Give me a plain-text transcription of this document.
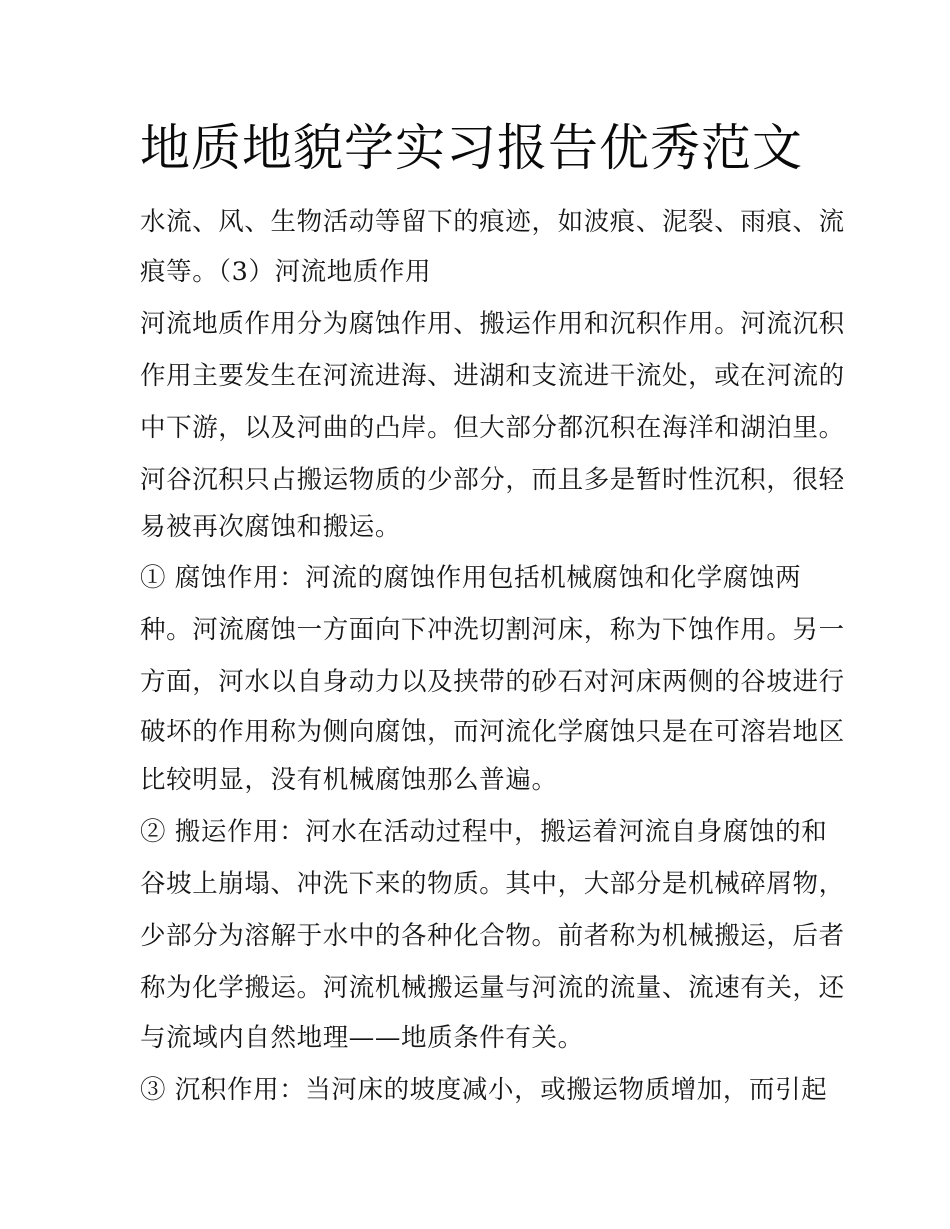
地质地貌学实习报告优秀范文
水流、风、生物活动等留下的痕迹，如波痕、泥裂、雨痕、流
痕等。（3）河流地质作用
河流地质作用分为腐蚀作用、搬运作用和沉积作用。河流沉积
作用主要发生在河流进海、进湖和支流进干流处，或在河流的
中下游，以及河曲的凸岸。但大部分都沉积在海洋和湖泊里。
河谷沉积只占搬运物质的少部分，而且多是暂时性沉积，很轻
易被再次腐蚀和搬运。
① 腐蚀作用：河流的腐蚀作用包括机械腐蚀和化学腐蚀两
种。河流腐蚀一方面向下冲洗切割河床，称为下蚀作用。另一
方面，河水以自身动力以及挟带的砂石对河床两侧的谷坡进行
破坏的作用称为侧向腐蚀，而河流化学腐蚀只是在可溶岩地区
比较明显，没有机械腐蚀那么普遍。
② 搬运作用：河水在活动过程中，搬运着河流自身腐蚀的和
谷坡上崩塌、冲洗下来的物质。其中，大部分是机械碎屑物，
少部分为溶解于水中的各种化合物。前者称为机械搬运，后者
称为化学搬运。河流机械搬运量与河流的流量、流速有关，还
与流域内自然地理——地质条件有关。
③ 沉积作用：当河床的坡度减小，或搬运物质增加，而引起
